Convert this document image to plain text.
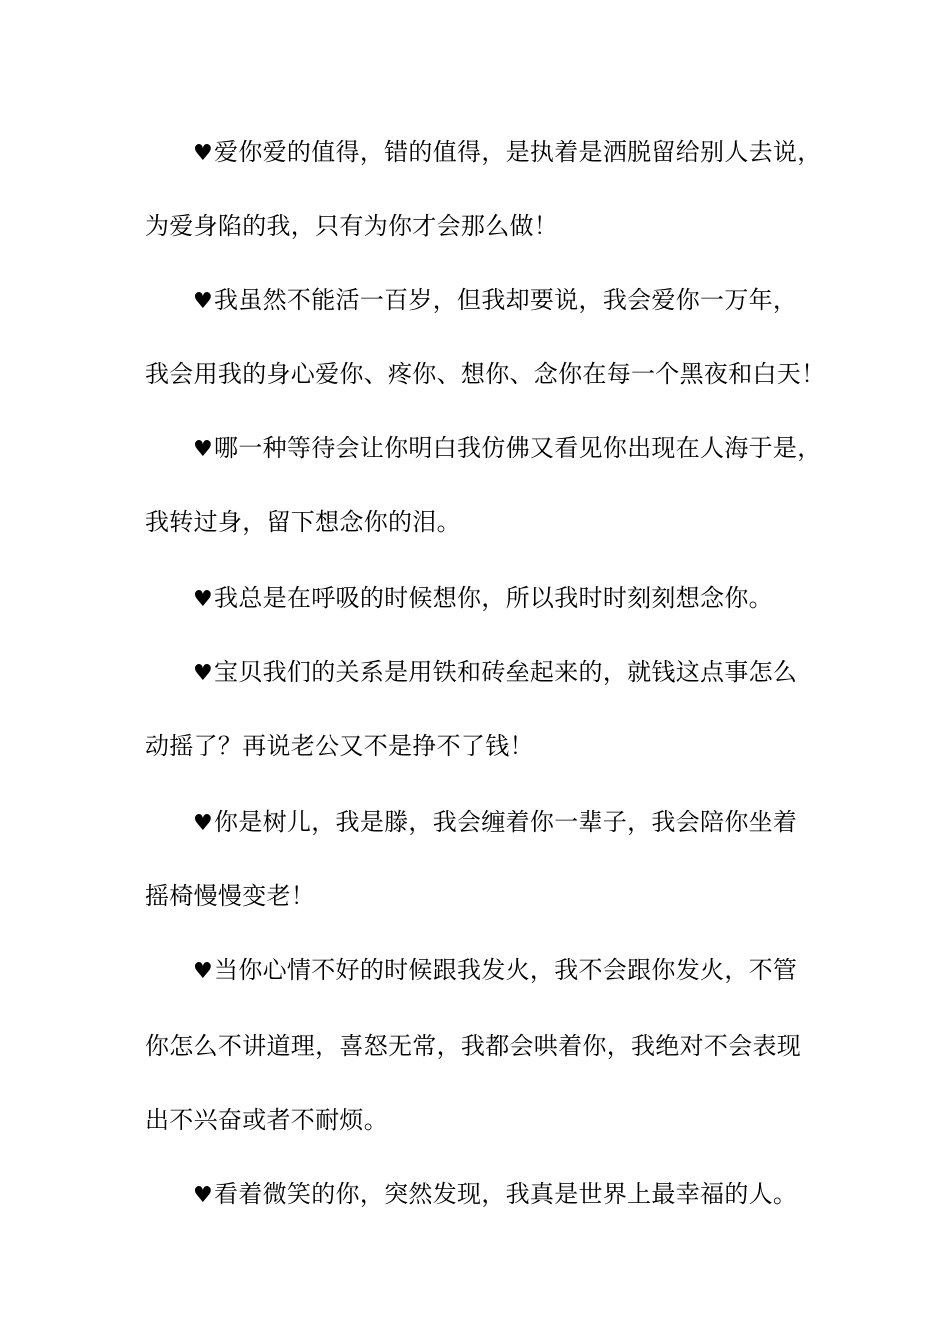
♥爱你爱的值得，错的值得，是执着是洒脱留给别人去说，
为爱身陷的我，只有为你才会那么做！
♥我虽然不能活一百岁，但我却要说，我会爱你一万年，
我会用我的身心爱你、疼你、想你、念你在每一个黑夜和白天！
♥哪一种等待会让你明白我仿佛又看见你出现在人海于是，
我转过身，留下想念你的泪。
♥我总是在呼吸的时候想你，所以我时时刻刻想念你。
♥宝贝我们的关系是用铁和砖垒起来的，就钱这点事怎么
动摇了？再说老公又不是挣不了钱！
♥你是树儿，我是滕，我会缠着你一辈子，我会陪你坐着
摇椅慢慢变老！
♥当你心情不好的时候跟我发火，我不会跟你发火，不管
你怎么不讲道理，喜怒无常，我都会哄着你，我绝对不会表现
出不兴奋或者不耐烦。
♥看着微笑的你，突然发现，我真是世界上最幸福的人。
